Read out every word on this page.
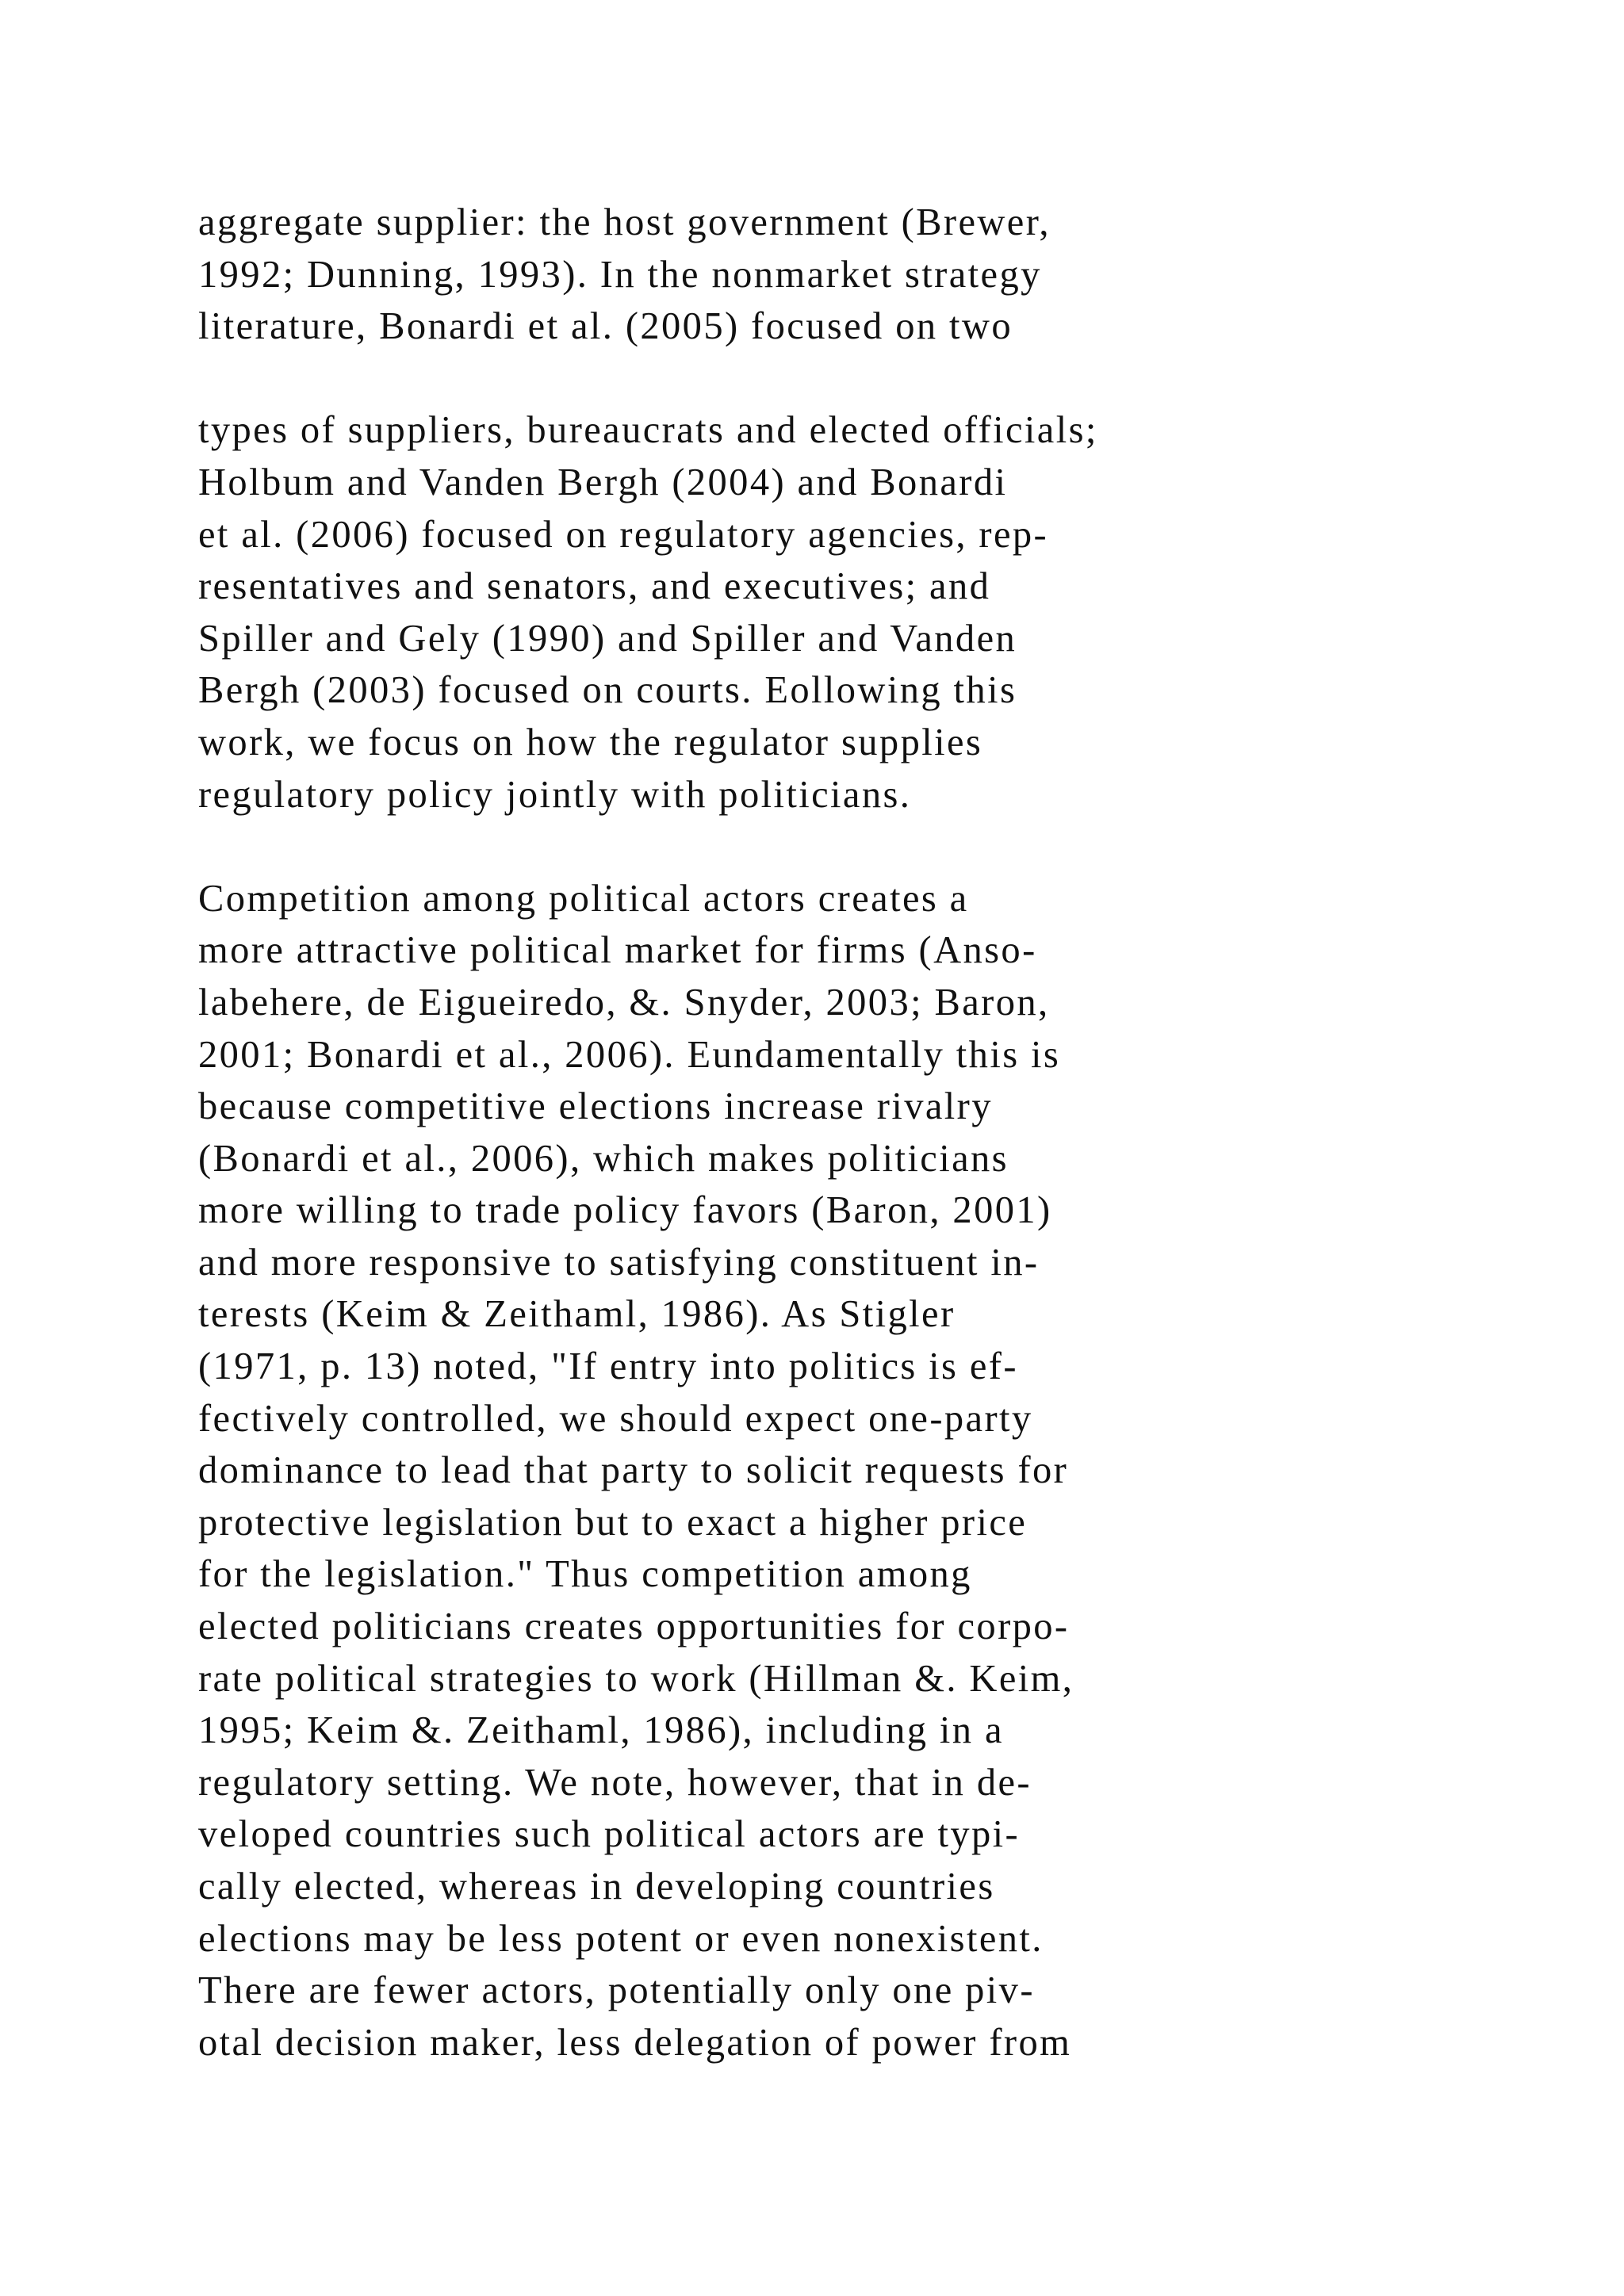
aggregate supplier: the host government (Brewer,
1992; Dunning, 1993). In the nonmarket strategy
literature, Bonardi et al. (2005) focused on two

types of suppliers, bureaucrats and elected officials;
Holbum and Vanden Bergh (2004) and Bonardi
et al. (2006) focused on regulatory agencies, rep-
resentatives and senators, and executives; and
Spiller and Gely (1990) and Spiller and Vanden
Bergh (2003) focused on courts. Eollowing this
work, we focus on how the regulator supplies
regulatory policy jointly with politicians.

Competition among political actors creates a
more attractive political market for firms (Anso-
labehere, de Eigueiredo, &. Snyder, 2003; Baron,
2001; Bonardi et al., 2006). Eundamentally this is
because competitive elections increase rivalry
(Bonardi et al., 2006), which makes politicians
more willing to trade policy favors (Baron, 2001)
and more responsive to satisfying constituent in-
terests (Keim & Zeithaml, 1986). As Stigler
(1971, p. 13) noted, "If entry into politics is ef-
fectively controlled, we should expect one-party
dominance to lead that party to solicit requests for
protective legislation but to exact a higher price
for the legislation." Thus competition among
elected politicians creates opportunities for corpo-
rate political strategies to work (Hillman &. Keim,
1995; Keim &. Zeithaml, 1986), including in a
regulatory setting. We note, however, that in de-
veloped countries such political actors are typi-
cally elected, whereas in developing countries
elections may be less potent or even nonexistent.
There are fewer actors, potentially only one piv-
otal decision maker, less delegation of power from
